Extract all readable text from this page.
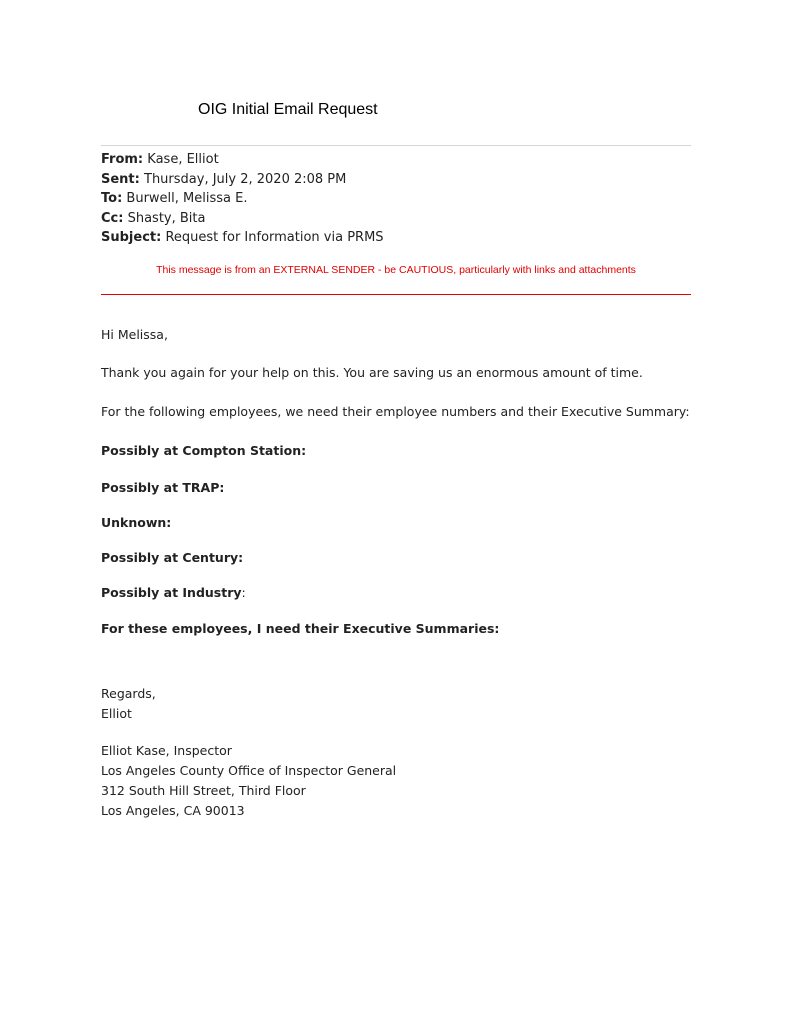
OIG Initial Email Request
From: Kase, Elliot
Sent: Thursday, July 2, 2020 2:08 PM
To: Burwell, Melissa E.
Cc: Shasty, Bita
Subject: Request for Information via PRMS
This message is from an EXTERNAL SENDER - be CAUTIOUS, particularly with links and attachments
Hi Melissa,
Thank you again for your help on this. You are saving us an enormous amount of time.
For the following employees, we need their employee numbers and their Executive Summary:
Possibly at Compton Station:
Possibly at TRAP:
Unknown:
Possibly at Century:
Possibly at Industry:
For these employees, I need their Executive Summaries:
Regards,
Elliot
Elliot Kase, Inspector
Los Angeles County Office of Inspector General
312 South Hill Street, Third Floor
Los Angeles, CA 90013
